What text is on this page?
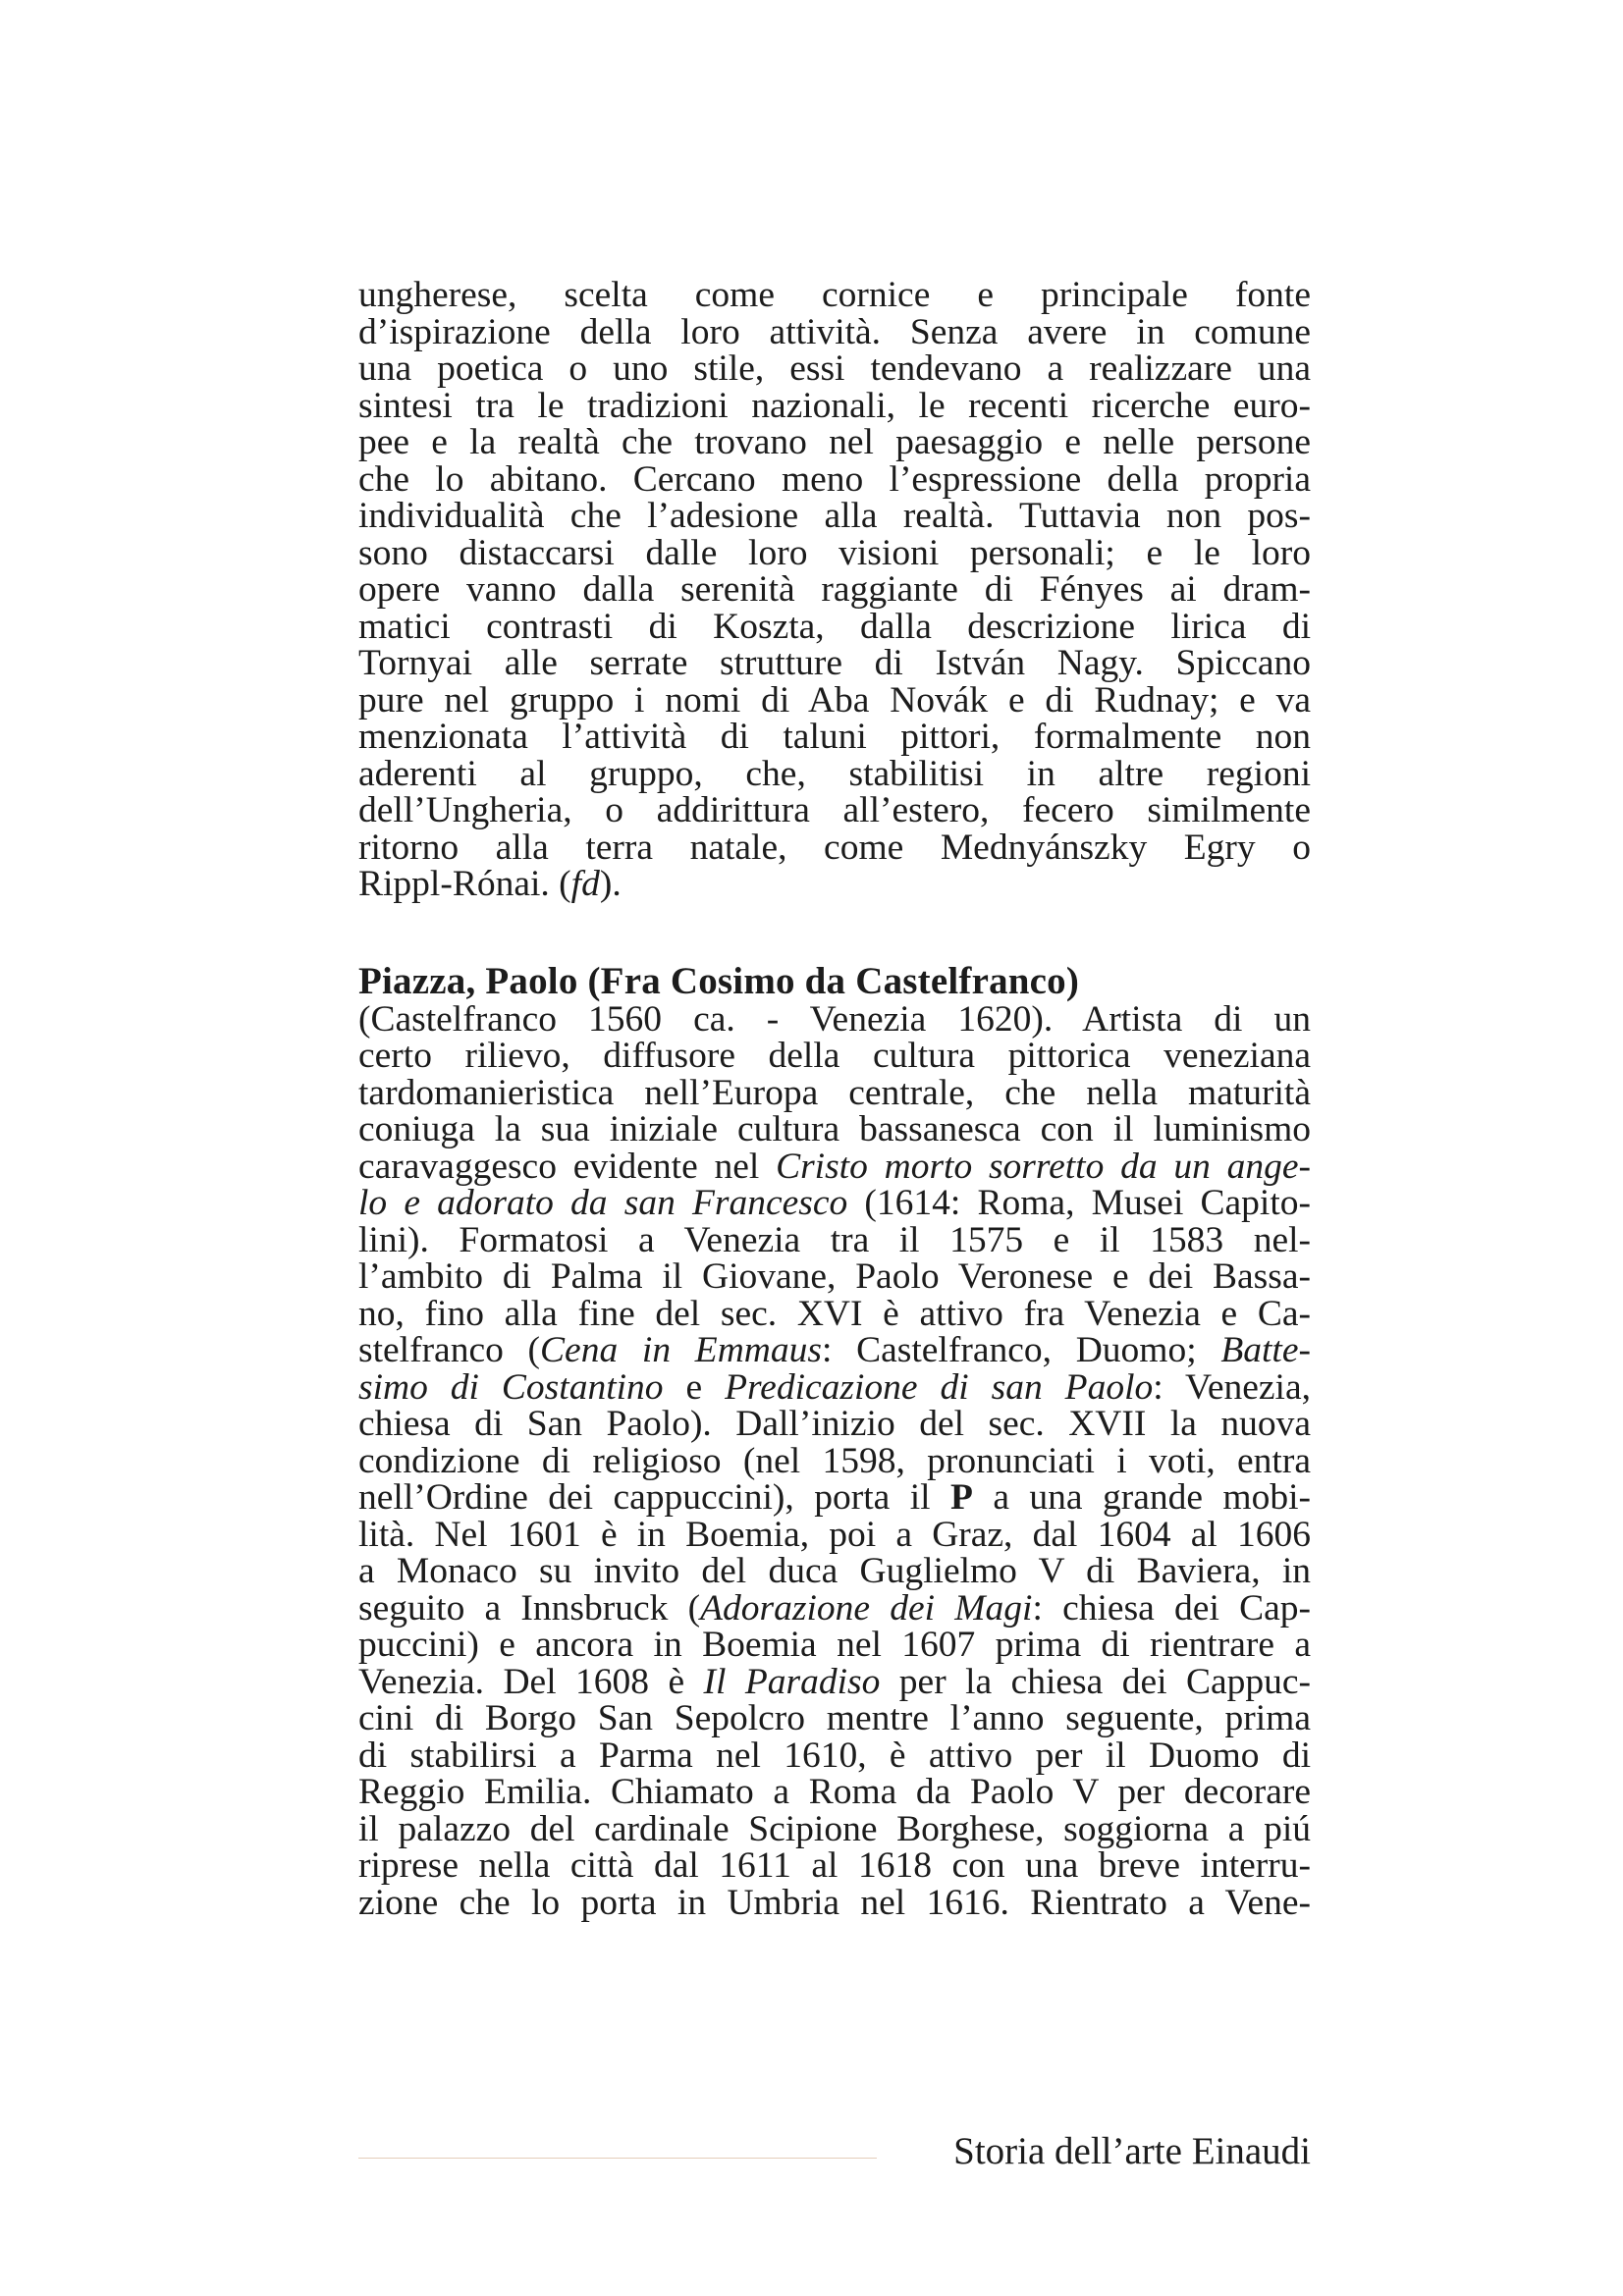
ungherese, scelta come cornice e principale fonte
d’ispirazione della loro attività. Senza avere in comune
una poetica o uno stile, essi tendevano a realizzare una
sintesi tra le tradizioni nazionali, le recenti ricerche euro-
pee e la realtà che trovano nel paesaggio e nelle persone
che lo abitano. Cercano meno l’espressione della propria
individualità che l’adesione alla realtà. Tuttavia non pos-
sono distaccarsi dalle loro visioni personali; e le loro
opere vanno dalla serenità raggiante di Fényes ai dram-
matici contrasti di Koszta, dalla descrizione lirica di
Tornyai alle serrate strutture di István Nagy. Spiccano
pure nel gruppo i nomi di Aba Novák e di Rudnay; e va
menzionata l’attività di taluni pittori, formalmente non
aderenti al gruppo, che, stabilitisi in altre regioni
dell’Ungheria, o addirittura all’estero, fecero similmente
ritorno alla terra natale, come Mednyánszky Egry o
Rippl-Rónai. (fd).
Piazza, Paolo (Fra Cosimo da Castelfranco)
(Castelfranco 1560 ca. - Venezia 1620). Artista di un
certo rilievo, diffusore della cultura pittorica veneziana
tardomanieristica nell’Europa centrale, che nella maturità
coniuga la sua iniziale cultura bassanesca con il luminismo
caravaggesco evidente nel Cristo morto sorretto da un ange-
lo e adorato da san Francesco (1614: Roma, Musei Capito-
lini). Formatosi a Venezia tra il 1575 e il 1583 nel-
l’ambito di Palma il Giovane, Paolo Veronese e dei Bassa-
no, fino alla fine del sec. XVI è attivo fra Venezia e Ca-
stelfranco (Cena in Emmaus: Castelfranco, Duomo; Batte-
simo di Costantino e Predicazione di san Paolo: Venezia,
chiesa di San Paolo). Dall’inizio del sec. XVII la nuova
condizione di religioso (nel 1598, pronunciati i voti, entra
nell’Ordine dei cappuccini), porta il P a una grande mobi-
lità. Nel 1601 è in Boemia, poi a Graz, dal 1604 al 1606
a Monaco su invito del duca Guglielmo V di Baviera, in
seguito a Innsbruck (Adorazione dei Magi: chiesa dei Cap-
puccini) e ancora in Boemia nel 1607 prima di rientrare a
Venezia. Del 1608 è Il Paradiso per la chiesa dei Cappuc-
cini di Borgo San Sepolcro mentre l’anno seguente, prima
di stabilirsi a Parma nel 1610, è attivo per il Duomo di
Reggio Emilia. Chiamato a Roma da Paolo V per decorare
il palazzo del cardinale Scipione Borghese, soggiorna a piú
riprese nella città dal 1611 al 1618 con una breve interru-
zione che lo porta in Umbria nel 1616. Rientrato a Vene-
Storia dell’arte Einaudi
